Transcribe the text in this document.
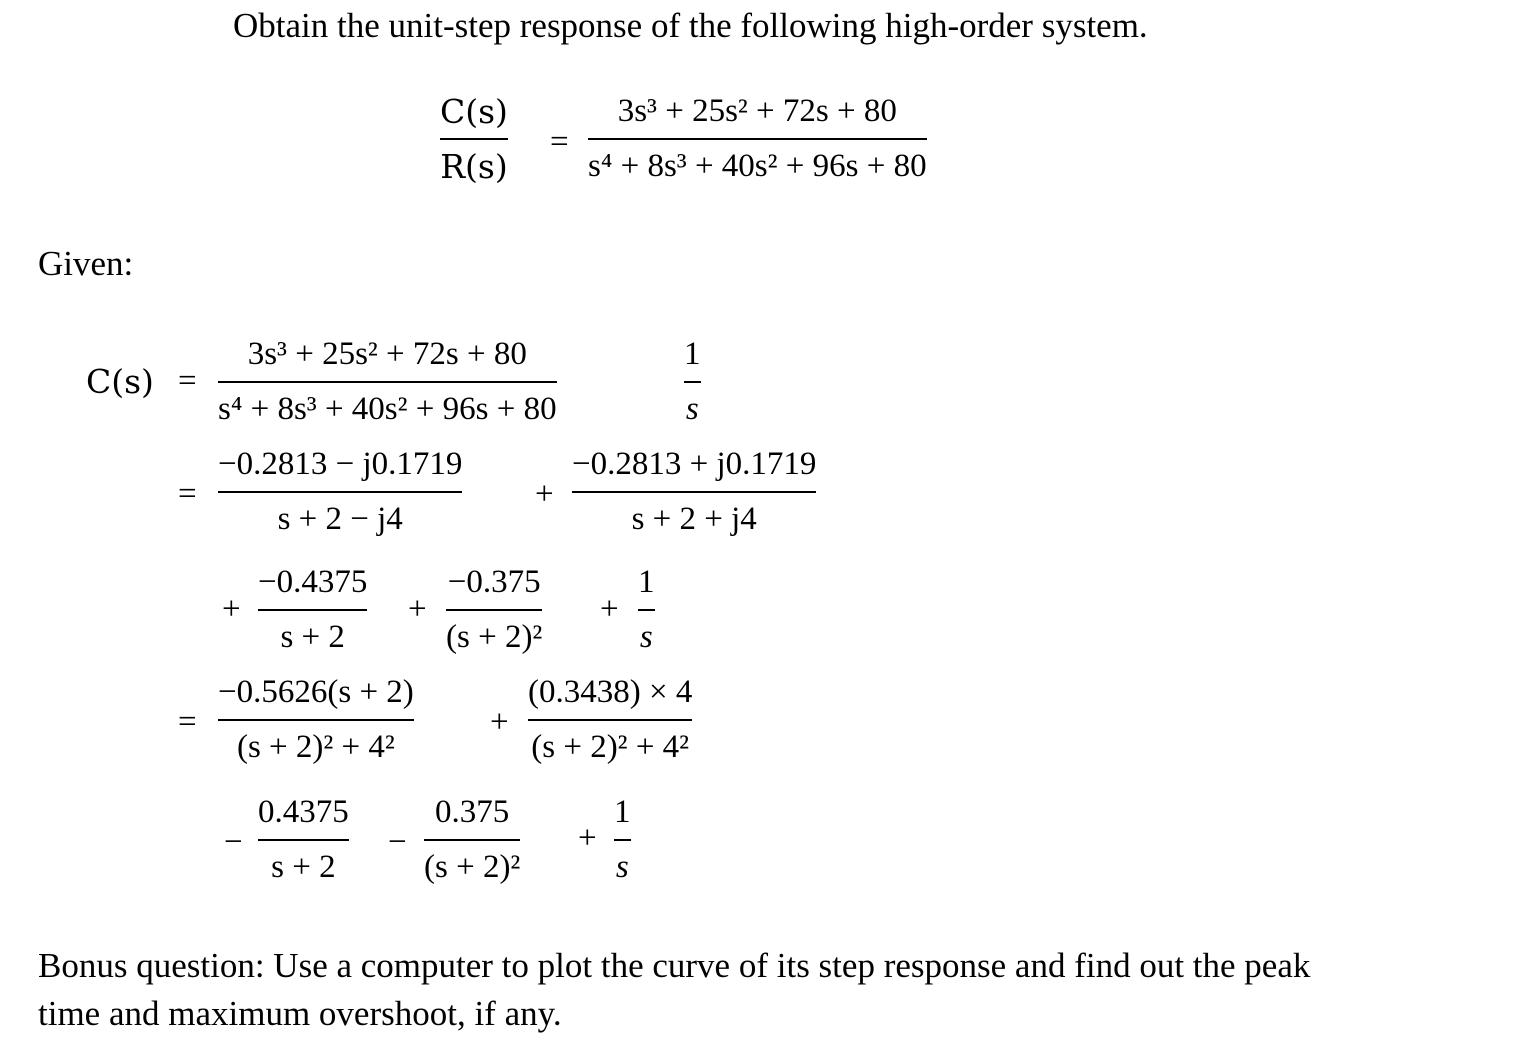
Obtain the unit-step response of the following high-order system.
C(s)
R(s)
=
3s³ + 25s² + 72s + 80
s⁴ + 8s³ + 40s² + 96s + 80
Given:
C(s) =
3s³ + 25s² + 72s + 80
s⁴ + 8s³ + 40s² + 96s + 80
1
s
=
−0.2813 − j0.1719
s + 2 − j4
+
−0.2813 + j0.1719
s + 2 + j4
+
−0.4375
s + 2
+
−0.375
(s + 2)²
+
1
s
=
−0.5626(s + 2)
(s + 2)² + 4²
+
(0.3438) × 4
(s + 2)² + 4²
−
0.4375
s + 2
−
0.375
(s + 2)²
+
1
s
Bonus question: Use a computer to plot the curve of its step response and find out the peak
time and maximum overshoot, if any.
